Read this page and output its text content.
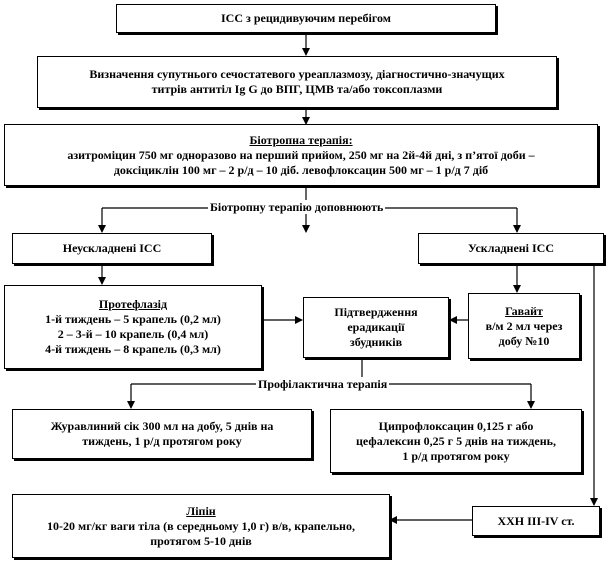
ІСС з рецидивуючим перебігом
Визначення супутнього сечостатевого уреаплазмозу, діагностично-значущих
титрів антитіл Ig G до ВПГ, ЦМВ та/або токсоплазми
Біотропна терапія:
азитроміцин 750 мг одноразово на перший прийом, 250 мг на 2й-4й дні, з п’ятої доби –
доксіциклін 100 мг – 2 р/д – 10 діб. левофлоксацин 500 мг – 1 р/д 7 діб
Біотропну терапію доповнюють
Неускладнені ІСС	Ускладнені ІСС
Протефлазід
1-й тиждень – 5 крапель (0,2 мл)
2 – 3-й – 10 крапель (0,4 мл)
4-й тиждень – 8 крапель (0,3 мл)
Підтвердження
ерадикації
збудників
Гавайт
в/м 2 мл через
добу №10
Профілактична терапія
Журавлиний сік 300 мл на добу, 5 днів на
тиждень, 1 р/д протягом року
Ципрофлоксацин 0,125 г або
цефалексин 0,25 г 5 днів на тиждень,
1 р/д протягом року
Ліпін
10-20 мг/кг ваги тіла (в середньому 1,0 г) в/в, крапельно,
протягом 5-10 днів
ХХН ІІІ-IV ст.
